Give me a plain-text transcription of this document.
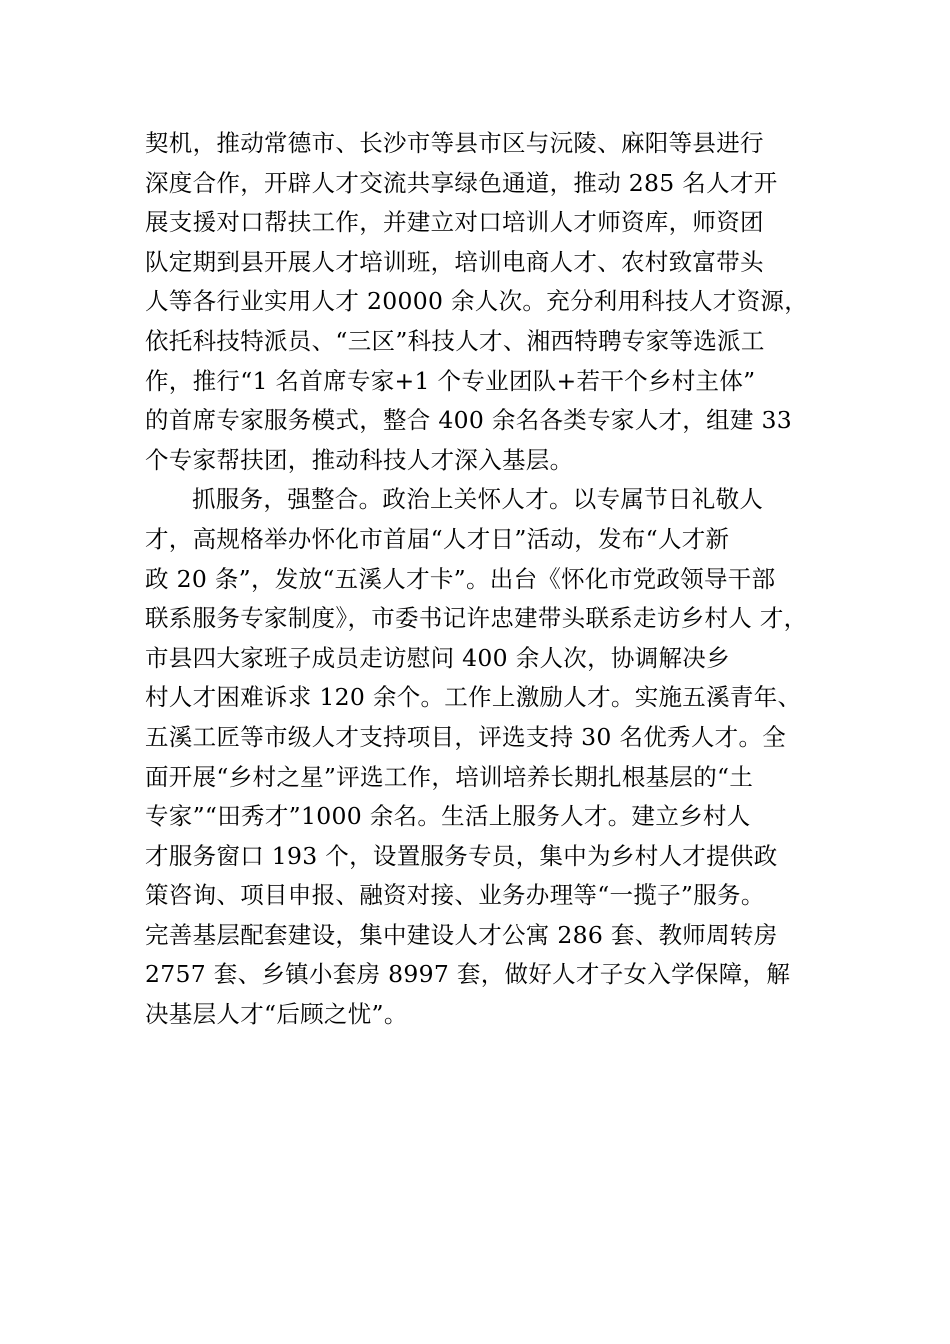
契机，推动常德市、长沙市等县市区与沅陵、麻阳等县进行
深度合作，开辟人才交流共享绿色通道，推动 285 名人才开
展支援对口帮扶工作，并建立对口培训人才师资库，师资团
队定期到县开展人才培训班，培训电商人才、农村致富带头
人等各行业实用人才 20000 余人次。充分利用科技人才资源，
依托科技特派员、“三区”科技人才、湘西特聘专家等选派工
作，推行“1 名首席专家+1 个专业团队+若干个乡村主体”
的首席专家服务模式，整合 400 余名各类专家人才，组建 33
个专家帮扶团，推动科技人才深入基层。
抓服务，强整合。政治上关怀人才。以专属节日礼敬人
才，高规格举办怀化市首届“人才日”活动，发布“人才新
政 20 条”，发放“五溪人才卡”。出台《怀化市党政领导干部
联系服务专家制度》，市委书记许忠建带头联系走访乡村人 才，
市县四大家班子成员走访慰问 400 余人次，协调解决乡
村人才困难诉求 120 余个。工作上激励人才。实施五溪青年、
五溪工匠等市级人才支持项目，评选支持 30 名优秀人才。全
面开展“乡村之星”评选工作，培训培养长期扎根基层的“土
专家”“田秀才”1000 余名。生活上服务人才。建立乡村人
才服务窗口 193 个，设置服务专员，集中为乡村人才提供政
策咨询、项目申报、融资对接、业务办理等“一揽子”服务。
完善基层配套建设，集中建设人才公寓 286 套、教师周转房
2757 套、乡镇小套房 8997 套，做好人才子女入学保障，解
决基层人才“后顾之忧”。
